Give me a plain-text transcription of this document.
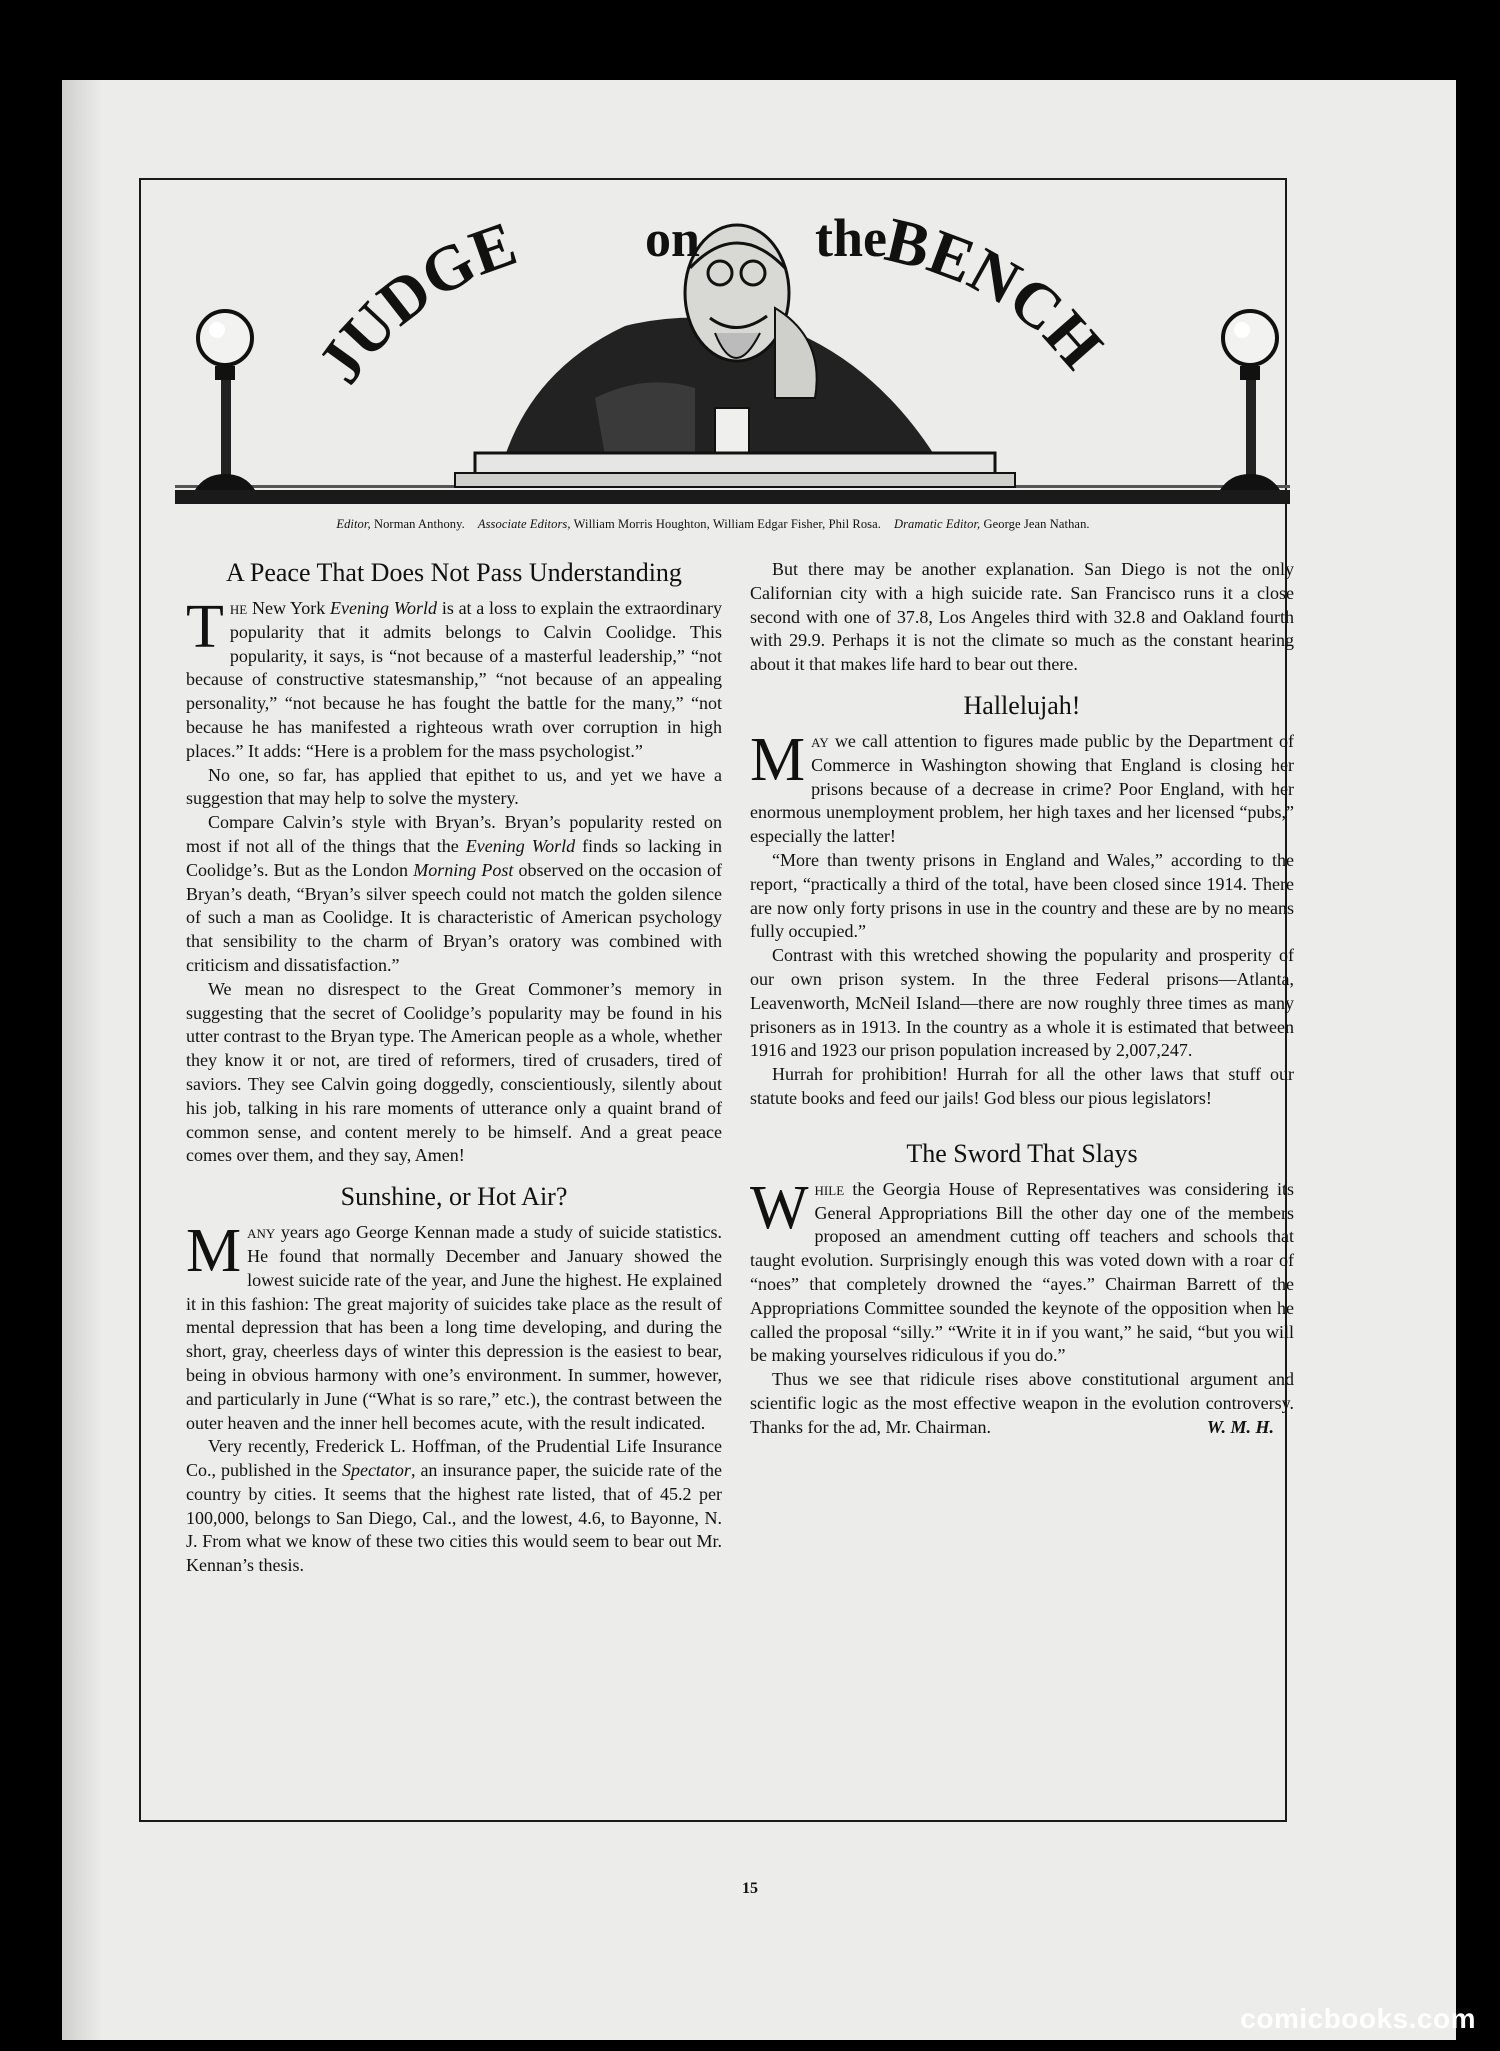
JUDGE on the
BENCH
Editor, Norman Anthony. Associate Editors, William Morris Houghton, William Edgar Fisher, Phil Rosa. Dramatic Editor, George Jean Nathan.
A Peace That Does Not Pass Understanding

The New York Evening World is at a loss to explain the extraordinary popularity that it admits belongs to Calvin Coolidge. This popularity, it says, is “not because of a masterful leadership,” “not because of constructive statesmanship,” “not because of an appealing personality,” “not because he has fought the battle for the many,” “not because he has manifested a righteous wrath over corruption in high places.” It adds: “Here is a problem for the mass psychologist.”

No one, so far, has applied that epithet to us, and yet we have a suggestion that may help to solve the mystery.

Compare Calvin’s style with Bryan’s. Bryan’s popularity rested on most if not all of the things that the Evening World finds so lacking in Coolidge’s. But as the London Morning Post observed on the occasion of Bryan’s death, “Bryan’s silver speech could not match the golden silence of such a man as Coolidge. It is characteristic of American psychology that sensibility to the charm of Bryan’s oratory was combined with criticism and dissatisfaction.”

We mean no disrespect to the Great Commoner’s memory in suggesting that the secret of Coolidge’s popularity may be found in his utter contrast to the Bryan type. The American people as a whole, whether they know it or not, are tired of reformers, tired of crusaders, tired of saviors. They see Calvin going doggedly, conscientiously, silently about his job, talking in his rare moments of utterance only a quaint brand of common sense, and content merely to be himself. And a great peace comes over them, and they say, Amen!

Sunshine, or Hot Air?

Many years ago George Kennan made a study of suicide statistics. He found that normally December and January showed the lowest suicide rate of the year, and June the highest. He explained it in this fashion: The great majority of suicides take place as the result of mental depression that has been a long time developing, and during the short, gray, cheerless days of winter this depression is the easiest to bear, being in obvious harmony with one’s environment. In summer, however, and particularly in June (“What is so rare,” etc.), the contrast between the outer heaven and the inner hell becomes acute, with the result indicated.

Very recently, Frederick L. Hoffman, of the Prudential Life Insurance Co., published in the Spectator, an insurance paper, the suicide rate of the country by cities. It seems that the highest rate listed, that of 45.2 per 100,000, belongs to San Diego, Cal., and the lowest, 4.6, to Bayonne, N. J. From what we know of these two cities this would seem to bear out Mr. Kennan’s thesis.

But there may be another explanation. San Diego is not the only Californian city with a high suicide rate. San Francisco runs it a close second with one of 37.8, Los Angeles third with 32.8 and Oakland fourth with 29.9. Perhaps it is not the climate so much as the constant hearing about it that makes life hard to bear out there.

Hallelujah!

May we call attention to figures made public by the Department of Commerce in Washington showing that England is closing her prisons because of a decrease in crime? Poor England, with her enormous unemployment problem, her high taxes and her licensed “pubs,” especially the latter!

“More than twenty prisons in England and Wales,” according to the report, “practically a third of the total, have been closed since 1914. There are now only forty prisons in use in the country and these are by no means fully occupied.”

Contrast with this wretched showing the popularity and prosperity of our own prison system. In the three Federal prisons—Atlanta, Leavenworth, McNeil Island—there are now roughly three times as many prisoners as in 1913. In the country as a whole it is estimated that between 1916 and 1923 our prison population increased by 2,007,247.

Hurrah for prohibition! Hurrah for all the other laws that stuff our statute books and feed our jails! God bless our pious legislators!

The Sword That Slays

While the Georgia House of Representatives was considering its General Appropriations Bill the other day one of the members proposed an amendment cutting off teachers and schools that taught evolution. Surprisingly enough this was voted down with a roar of “noes” that completely drowned the “ayes.” Chairman Barrett of the Appropriations Committee sounded the keynote of the opposition when he called the proposal “silly.” “Write it in if you want,” he said, “but you will be making yourselves ridiculous if you do.”

Thus we see that ridicule rises above constitutional argument and scientific logic as the most effective weapon in the evolution controversy. Thanks for the ad, Mr. Chairman.	W. M. H.

15
comicbooks.com
